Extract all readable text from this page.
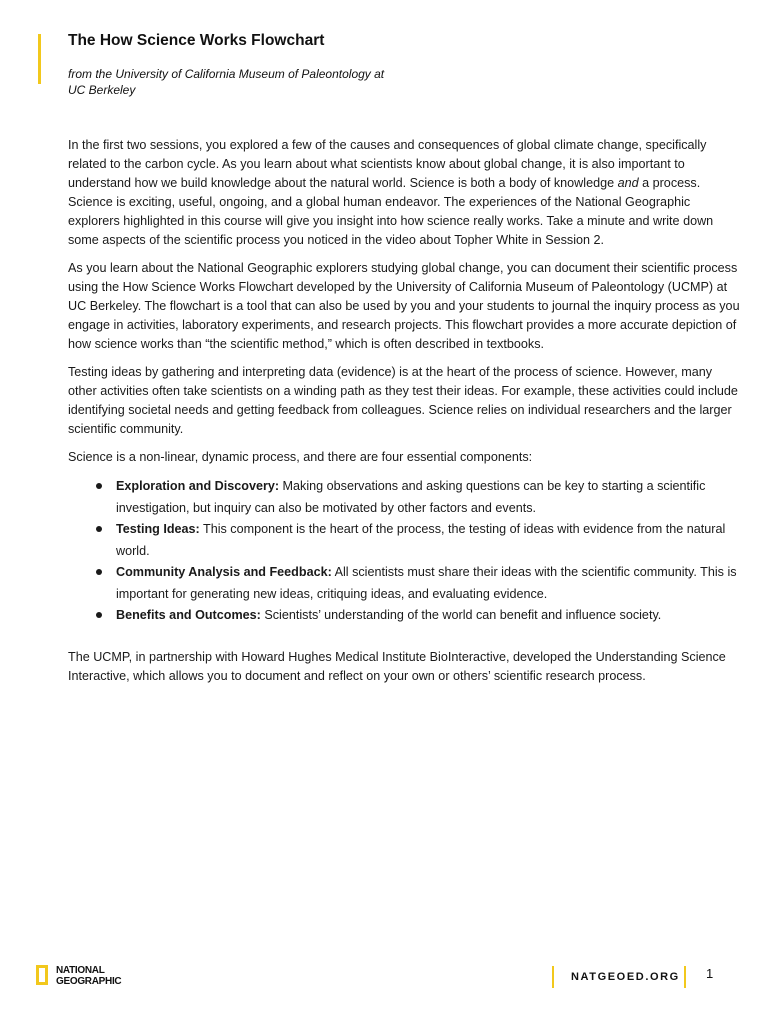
The How Science Works Flowchart
from the University of California Museum of Paleontology at
UC Berkeley

In the first two sessions, you explored a few of the causes and consequences of global climate change, specifically related to the carbon cycle. As you learn about what scientists know about global change, it is also important to understand how we build knowledge about the natural world. Science is both a body of knowledge and a process. Science is exciting, useful, ongoing, and a global human endeavor. The experiences of the National Geographic explorers highlighted in this course will give you insight into how science really works. Take a minute and write down some aspects of the scientific process you noticed in the video about Topher White in Session 2.

As you learn about the National Geographic explorers studying global change, you can document their scientific process using the How Science Works Flowchart developed by the University of California Museum of Paleontology (UCMP) at UC Berkeley. The flowchart is a tool that can also be used by you and your students to journal the inquiry process as you engage in activities, laboratory experiments, and research projects. This flowchart provides a more accurate depiction of how science works than “the scientific method,” which is often described in textbooks.

Testing ideas by gathering and interpreting data (evidence) is at the heart of the process of science. However, many other activities often take scientists on a winding path as they test their ideas. For example, these activities could include identifying societal needs and getting feedback from colleagues. Science relies on individual researchers and the larger scientific community.

Science is a non-linear, dynamic process, and there are four essential components:

Exploration and Discovery: Making observations and asking questions can be key to starting a scientific investigation, but inquiry can also be motivated by other factors and events.
Testing Ideas: This component is the heart of the process, the testing of ideas with evidence from the natural world.
Community Analysis and Feedback: All scientists must share their ideas with the scientific community. This is important for generating new ideas, critiquing ideas, and evaluating evidence.
Benefits and Outcomes: Scientists’ understanding of the world can benefit and influence society.

The UCMP, in partnership with Howard Hughes Medical Institute BioInteractive, developed the Understanding Science Interactive, which allows you to document and reflect on your own or others’ scientific research process.

NATIONAL
GEOGRAPHIC	NATGEOED.ORG 1
